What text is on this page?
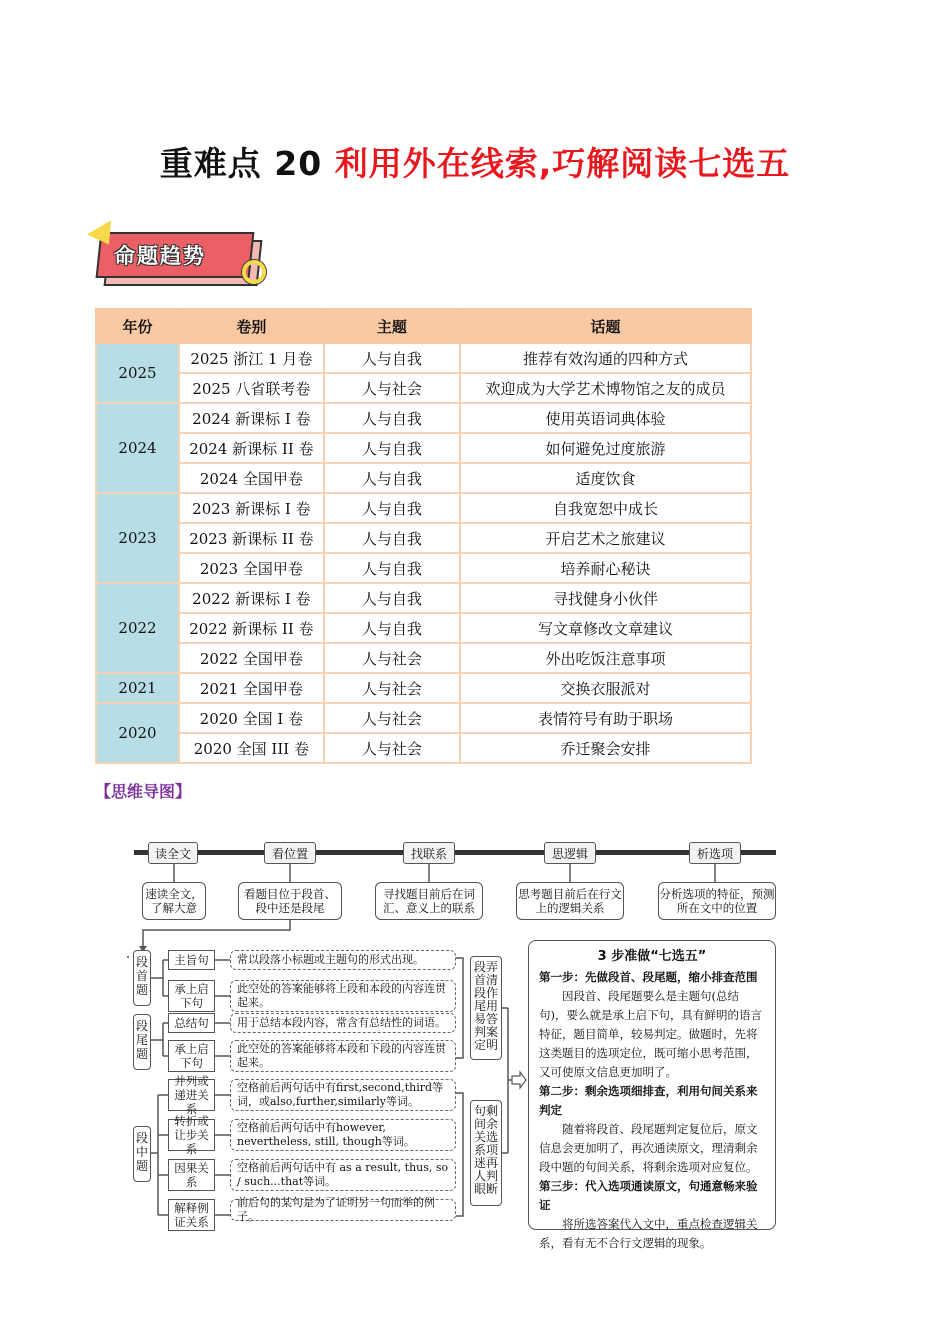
重难点 20 利用外在线索,巧解阅读七选五
命题趋势
年份	卷别	主题	话题
2025	2025 浙江 1 月卷	人与自我	推荐有效沟通的四种方式
	2025 八省联考卷	人与社会	欢迎成为大学艺术博物馆之友的成员
2024	2024 新课标 I 卷	人与自我	使用英语词典体验
	2024 新课标 II 卷	人与自我	如何避免过度旅游
	2024 全国甲卷	人与自我	适度饮食
2023	2023 新课标 I 卷	人与自我	自我宽恕中成长
	2023 新课标 II 卷	人与自我	开启艺术之旅建议
	2023 全国甲卷	人与自我	培养耐心秘诀
2022	2022 新课标 I 卷	人与自我	寻找健身小伙伴
	2022 新课标 II 卷	人与自我	写文章修改文章建议
	2022 全国甲卷	人与社会	外出吃饭注意事项
2021	2021 全国甲卷	人与社会	交换衣服派对
2020	2020 全国 I 卷	人与社会	表情符号有助于职场
	2020 全国 III 卷	人与社会	乔迁聚会安排
【思维导图】
读全文	看位置	找联系	思逻辑	析选项
速读全文，了解大意
看题目位于段首、段中还是段尾
寻找题目前后在词汇、意义上的联系
思考题目前后在行文上的逻辑关系
分析选项的特征，预测所在文中的位置
段首题
段尾题
段中题
主旨句
承上启下句
总结句
承上启下句
并列或递进关系
转折或让步关系
因果关系
解释例证关系
常以段落小标题或主题句的形式出现。
此空处的答案能够将上段和本段的内容连贯起来。
用于总结本段内容，常含有总结性的词语。
此空处的答案能够将本段和下段的内容连贯起来。
空格前后两句话中有first,second,third等词，或also,further,similarly等词。
空格前后两句话中有however, nevertheless, still, though等词。
空格前后两句话中有 as a result, thus, so / such...that等词。
前后句的某句是为了证明另一句而举的例子。
段弄首清段作尾用易答判案定明
句剩间余关选系项迷再人判眼断
3 步准做“七选五”
第一步：先做段首、段尾题，缩小排查范围

因段首、段尾题要么是主题句(总结句)，要么就是承上启下句，具有鲜明的语言特征，题目简单，较易判定。做题时，先将这类题目的选项定位，既可缩小思考范围，又可使原文信息更加明了。

第二步：剩余选项细排查，利用句间关系来判定

随着将段首、段尾题判定复位后，原文信息会更加明了，再次通读原文，理清剩余段中题的句间关系，将剩余选项对应复位。

第三步：代入选项通读原文，句通意畅来验证

将所选答案代入文中，重点检查逻辑关系，看有无不合行文逻辑的现象。
